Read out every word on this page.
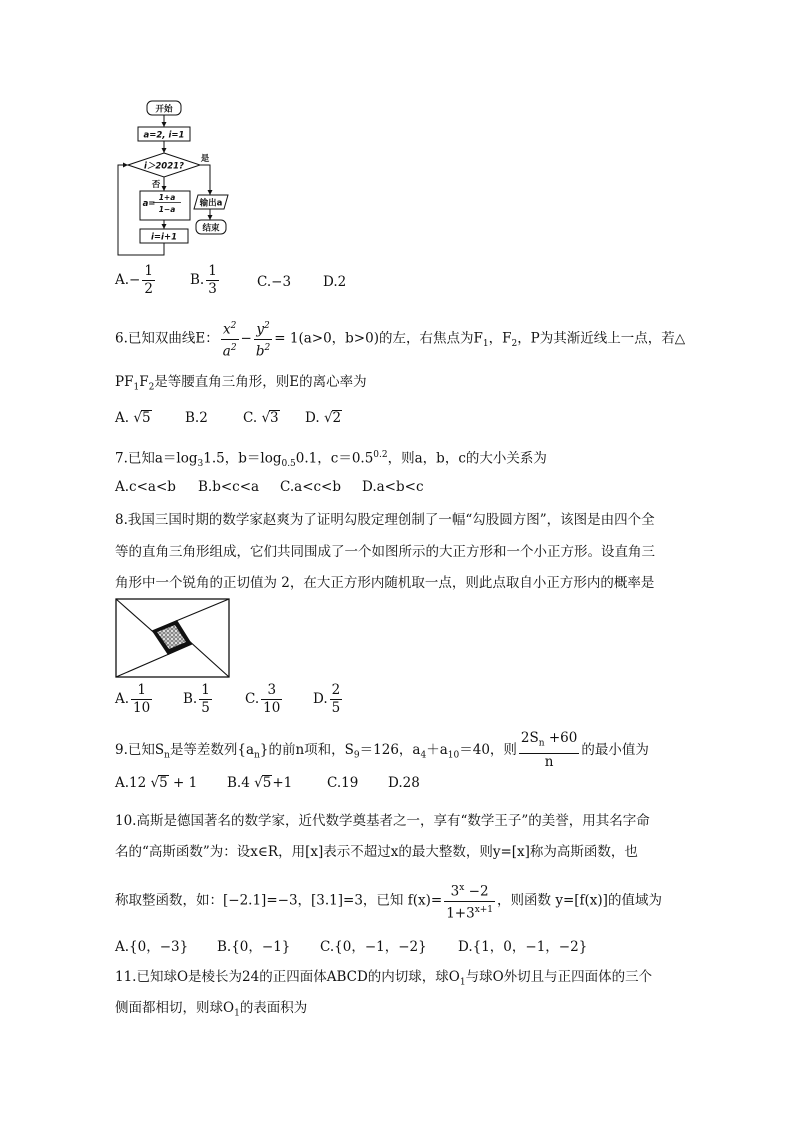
开始
a=2, i=1
i＞2021?
是
否
a=
1+a
1−a
i=i+1
输出a
结束
$A.- \frac{1}{2}$	B. $\frac{1}{3}$	C.−3 D.2
6.已知双曲线E： $\frac{x^2}{a^2} - \frac{y^2}{b^2} = 1(a>0$，b>0)的左，右焦点为$F_1$，$F_2$，P为其渐近线上一点，若△
$PF_1F_2$是等腰直角三角形，则E的离心率为
A. √5	B.2	C. √3 D. √2
7.已知$a=\log_31.5$，$b=\log_{0.5}0.1$，$c=0.5^{0.2}$，则a，b，c的大小关系为
A.c<a<b B.b<c<a C.a<c<b D.a<b<c
8.我国三国时期的数学家赵爽为了证明勾股定理创制了一幅“勾股圆方图”，该图是由四个全
等的直角三角形组成，它们共同围成了一个如图所示的大正方形和一个小正方形。设直角三
角形中一个锐角的正切值为 2，在大正方形内随机取一点，则此点取自小正方形内的概率是
A. $\frac{1}{10} B$. $\frac{1}{5} C$. $\frac{3}{10} D$. $\frac{2}{5}$
9.已知$S_n$是等差数列$\{a_n\}$的前n项和，$S_9=126$，$a_4+a_{10}=40$，则 $\frac{2S_n +60}{n}$ 的最小值为
A.12 √5 + 1 B.4 √5+1	C.19 D.28
10.高斯是德国著名的数学家，近代数学奠基者之一，享有“数学王子”的美誉，用其名字命
名的“高斯函数”为：设x∈R，用[x]表示不超过x的最大整数，则y=[x]称为高斯函数，也
称取整函数，如：[−2.1]=−3，[3.1]=3，已知 $f(x)= \frac{3^x -2}{1+3^{x+1}}$ ，则函数 y=[f(x)]的值域为
A.{0，−3} B.{0，−1} C.{0，−1，−2} D.{1，0，−1，−2}
11.已知球O是棱长为24的正四面体ABCD的内切球，球$O_1$与球O外切且与正四面体的三个
侧面都相切，则球$O_1$的表面积为
